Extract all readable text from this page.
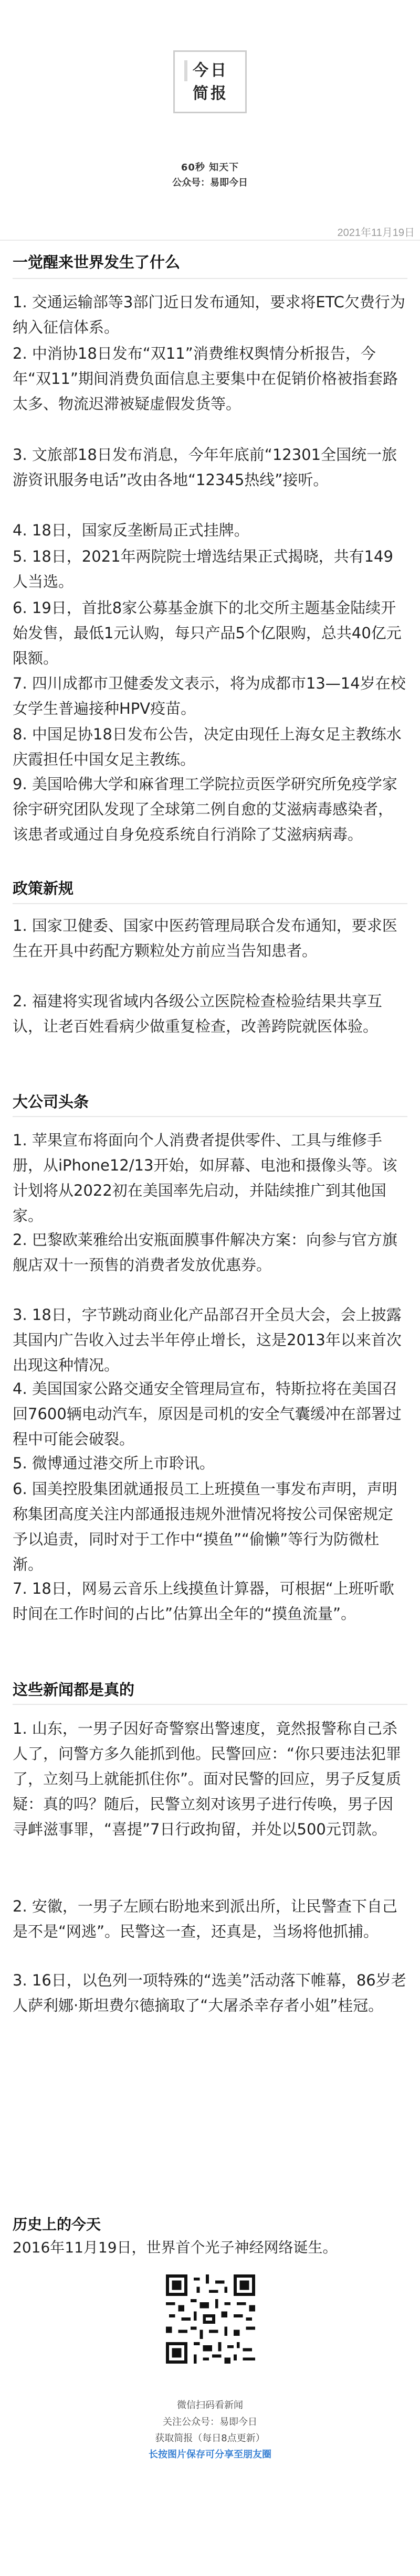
今日
简报
60秒 知天下
公众号：易即今日
2021年11月19日
一觉醒来世界发生了什么
1. 交通运输部等3部门近日发布通知，要求将ETC欠费行为纳入征信体系。
2. 中消协18日发布“双11”消费维权舆情分析报告，今年“双11”期间消费负面信息主要集中在促销价格被指套路太多、物流迟滞被疑虚假发货等。
3. 文旅部18日发布消息，今年年底前“12301全国统一旅游资讯服务电话”改由各地“12345热线”接听。
4. 18日，国家反垄断局正式挂牌。
5. 18日，2021年两院院士增选结果正式揭晓，共有149人当选。
6. 19日，首批8家公募基金旗下的北交所主题基金陆续开始发售，最低1元认购，每只产品5个亿限购，总共40亿元限额。
7. 四川成都市卫健委发文表示，将为成都市13—14岁在校女学生普遍接种HPV疫苗。
8. 中国足协18日发布公告，决定由现任上海女足主教练水庆霞担任中国女足主教练。
9. 美国哈佛大学和麻省理工学院拉贡医学研究所免疫学家徐宇研究团队发现了全球第二例自愈的艾滋病毒感染者，该患者或通过自身免疫系统自行消除了艾滋病病毒。
政策新规
1. 国家卫健委、国家中医药管理局联合发布通知，要求医生在开具中药配方颗粒处方前应当告知患者。
2. 福建将实现省域内各级公立医院检查检验结果共享互认，让老百姓看病少做重复检查，改善跨院就医体验。
大公司头条
1. 苹果宣布将面向个人消费者提供零件、工具与维修手册，从iPhone12/13开始，如屏幕、电池和摄像头等。该计划将从2022初在美国率先启动，并陆续推广到其他国家。
2. 巴黎欧莱雅给出安瓶面膜事件解决方案：向参与官方旗舰店双十一预售的消费者发放优惠券。
3. 18日，字节跳动商业化产品部召开全员大会，会上披露其国内广告收入过去半年停止增长，这是2013年以来首次出现这种情况。
4. 美国国家公路交通安全管理局宣布，特斯拉将在美国召回7600辆电动汽车，原因是司机的安全气囊缓冲在部署过程中可能会破裂。
5. 微博通过港交所上市聆讯。
6. 国美控股集团就通报员工上班摸鱼一事发布声明，声明称集团高度关注内部通报违规外泄情况将按公司保密规定予以追责，同时对于工作中“摸鱼”“偷懒”等行为防微杜渐。
7. 18日，网易云音乐上线摸鱼计算器，可根据“上班听歌时间在工作时间的占比”估算出全年的“摸鱼流量”。
这些新闻都是真的
1. 山东，一男子因好奇警察出警速度，竟然报警称自己杀人了，问警方多久能抓到他。民警回应：“你只要违法犯罪了，立刻马上就能抓住你”。面对民警的回应，男子反复质疑：真的吗？随后，民警立刻对该男子进行传唤，男子因寻衅滋事罪，“喜提”7日行政拘留，并处以500元罚款。
2. 安徽，一男子左顾右盼地来到派出所，让民警查下自己是不是“网逃”。民警这一查，还真是，当场将他抓捕。
3. 16日，以色列一项特殊的“选美”活动落下帷幕，86岁老人萨利娜·斯坦费尔德摘取了“大屠杀幸存者小姐”桂冠。
历史上的今天
2016年11月19日，世界首个光子神经网络诞生。
微信扫码看新闻
关注公众号：易即今日
获取简报（每日8点更新）
长按图片保存可分享至朋友圈
